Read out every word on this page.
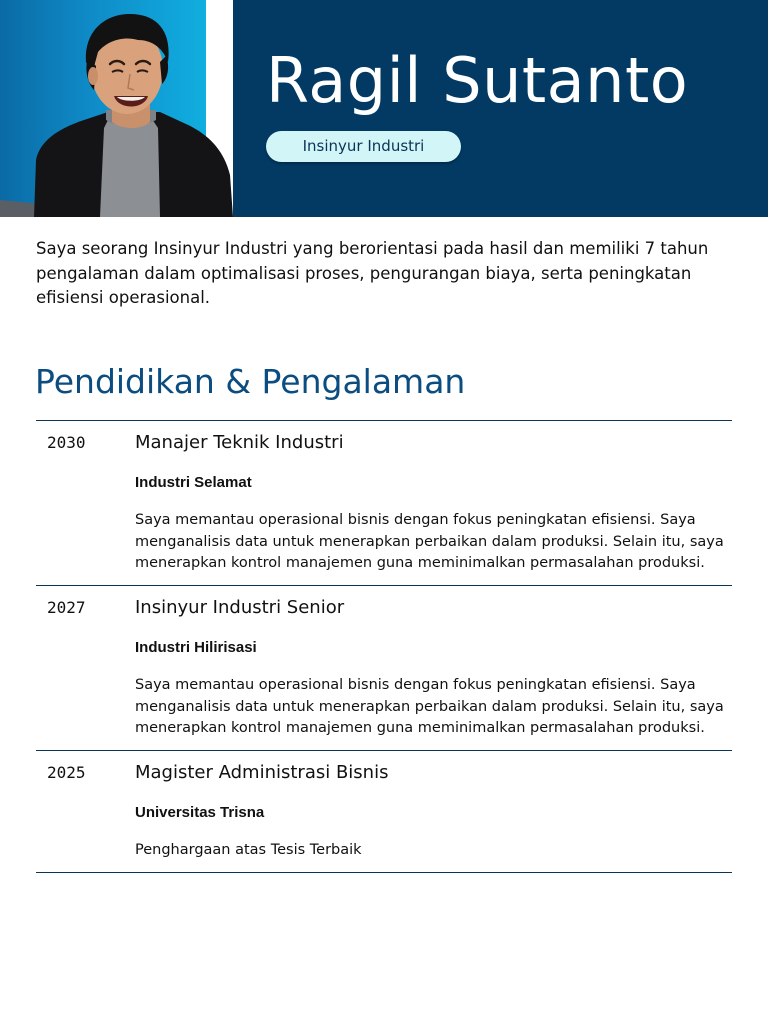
Ragil Sutanto
Insinyur Industri

Saya seorang Insinyur Industri yang berorientasi pada hasil dan memiliki 7 tahun pengalaman dalam optimalisasi proses, pengurangan biaya, serta peningkatan efisiensi operasional.

Pendidikan & Pengalaman
2030	Manajer Teknik Industri
Industri Selamat

Saya memantau operasional bisnis dengan fokus peningkatan efisiensi. Saya menganalisis data untuk menerapkan perbaikan dalam produksi. Selain itu, saya menerapkan kontrol manajemen guna meminimalkan permasalahan produksi.

2027	Insinyur Industri Senior
Industri Hilirisasi

Saya memantau operasional bisnis dengan fokus peningkatan efisiensi. Saya menganalisis data untuk menerapkan perbaikan dalam produksi. Selain itu, saya menerapkan kontrol manajemen guna meminimalkan permasalahan produksi.

2025	Magister Administrasi Bisnis
Universitas Trisna

Penghargaan atas Tesis Terbaik
